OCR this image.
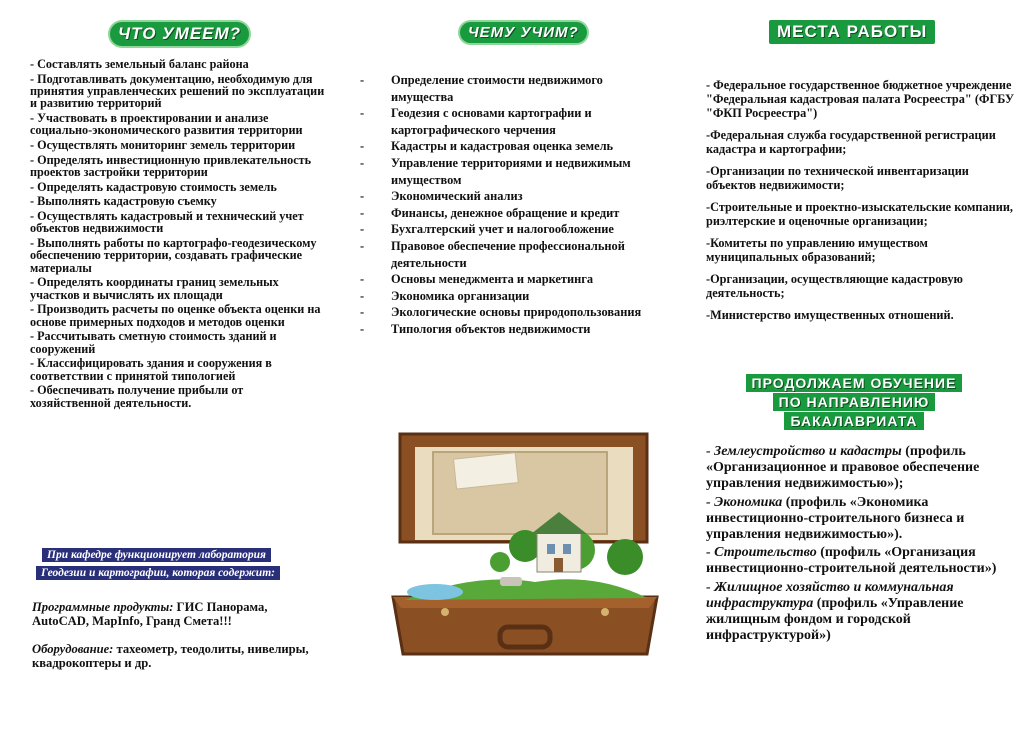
ЧТО УМЕЕМ?
- Составлять земельный баланс района
- Подготавливать документацию, необходимую для принятия управленческих решений по эксплуатации и развитию территорий
- Участвовать в проектировании и анализе социально-экономического развития территории
- Осуществлять мониторинг земель территории
- Определять инвестиционную привлекательность проектов застройки территории
- Определять кадастровую стоимость земель
- Выполнять кадастровую съемку
- Осуществлять кадастровый и технический учет объектов недвижимости
- Выполнять работы по картографо-геодезическому обеспечению территории, создавать графические материалы
- Определять координаты границ земельных участков и вычислять их площади
- Производить расчеты по оценке объекта оценки на основе примерных подходов и методов оценки
- Рассчитывать сметную стоимость зданий и сооружений
- Классифицировать здания и сооружения в соответствии с принятой типологией
- Обеспечивать получение прибыли от хозяйственной деятельности.
При кафедре функционирует лаборатория
Геодезии и картографии, которая содержит:
Программные продукты: ГИС Панорама, AutoCAD, MapInfo, Гранд Смета!!!
Оборудование: тахеометр, теодолиты, нивелиры, квадрокоптеры и др.
ЧЕМУ УЧИМ?
- Определение стоимости недвижимого имущества
- Геодезия с основами картографии и картографического черчения
- Кадастры и кадастровая оценка земель
- Управление территориями и недвижимым имуществом
- Экономический анализ
- Финансы, денежное обращение и кредит
- Бухгалтерский учет и налогообложение
- Правовое обеспечение профессиональной деятельности
- Основы менеджмента и маркетинга
- Экономика организации
- Экологические основы природопользования
- Типология объектов недвижимости
МЕСТА РАБОТЫ
- Федеральное государственное бюджетное учреждение "Федеральная кадастровая палата Росреестра" (ФГБУ "ФКП Росреестра")
-Федеральная служба государственной регистрации кадастра и картографии;
-Организации по технической инвентаризации объектов недвижимости;
-Строительные и проектно-изыскательские компании, риэлтерские и оценочные организации;
-Комитеты по управлению имуществом муниципальных образований;
-Организации, осуществляющие кадастровую деятельность;
-Министерство имущественных отношений.
ПРОДОЛЖАЕМ ОБУЧЕНИЕ
ПО НАПРАВЛЕНИЮ
БАКАЛАВРИАТА
- Землеустройство и кадастры (профиль «Организационное и правовое обеспечение управления недвижимостью»);
- Экономика (профиль «Экономика инвестиционно-строительного бизнеса и управления недвижимостью»).
- Строительство (профиль «Организация инвестиционно-строительной деятельности»)
- Жилищное хозяйство и коммунальная инфраструктура (профиль «Управление жилищным фондом и городской инфраструктурой»)
